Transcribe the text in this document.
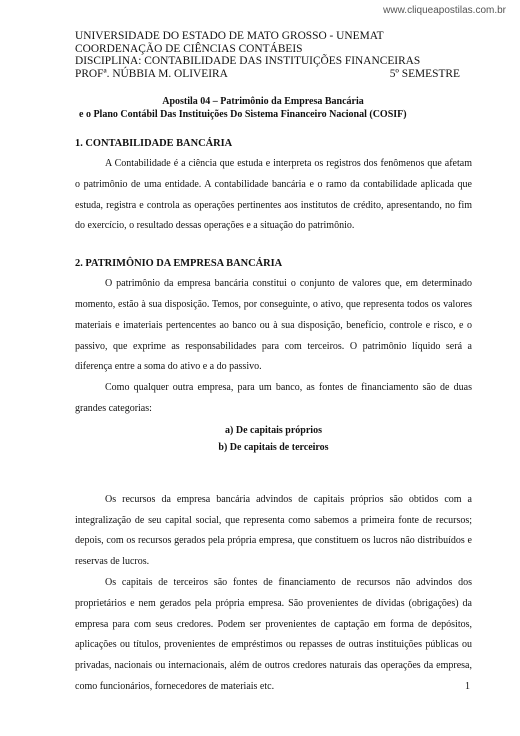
www.cliqueapostilas.com.br
UNIVERSIDADE DO ESTADO DE MATO GROSSO - UNEMAT
COORDENAÇÃO DE CIÊNCIAS CONTÁBEIS
DISCIPLINA: CONTABILIDADE DAS INSTITUIÇÕES FINANCEIRAS
PROFª. NÚBBIA M. OLIVEIRA	5º SEMESTRE
Apostila 04 – Patrimônio da Empresa Bancária
e o Plano Contábil Das Instituições Do Sistema Financeiro Nacional (COSIF)
1. CONTABILIDADE BANCÁRIA

A Contabilidade é a ciência que estuda e interpreta os registros dos fenômenos que afetam o patrimônio de uma entidade. A contabilidade bancária e o ramo da contabilidade aplicada que estuda, registra e controla as operações pertinentes aos institutos de crédito, apresentando, no fim do exercício, o resultado dessas operações e a situação do patrimônio.

2. PATRIMÔNIO DA EMPRESA BANCÁRIA

O patrimônio da empresa bancária constitui o conjunto de valores que, em determinado momento, estão à sua disposição. Temos, por conseguinte, o ativo, que representa todos os valores materiais e imateriais pertencentes ao banco ou à sua disposição, benefício, controle e risco, e o passivo, que exprime as responsabilidades para com terceiros. O patrimônio líquido será a diferença entre a soma do ativo e a do passivo.

Como qualquer outra empresa, para um banco, as fontes de financiamento são de duas grandes categorias:

a) De capitais próprios
b) De capitais de terceiros

Os recursos da empresa bancária advindos de capitais próprios são obtidos com a integralização de seu capital social, que representa como sabemos a primeira fonte de recursos; depois, com os recursos gerados pela própria empresa, que constituem os lucros não distribuídos e reservas de lucros.

Os capitais de terceiros são fontes de financiamento de recursos não advindos dos proprietários e nem gerados pela própria empresa. São provenientes de dívidas (obrigações) da empresa para com seus credores. Podem ser provenientes de captação em forma de depósitos, aplicações ou títulos, provenientes de empréstimos ou repasses de outras instituições públicas ou privadas, nacionais ou internacionais, além de outros credores naturais das operações da empresa, como funcionários, fornecedores de materiais etc.	1
